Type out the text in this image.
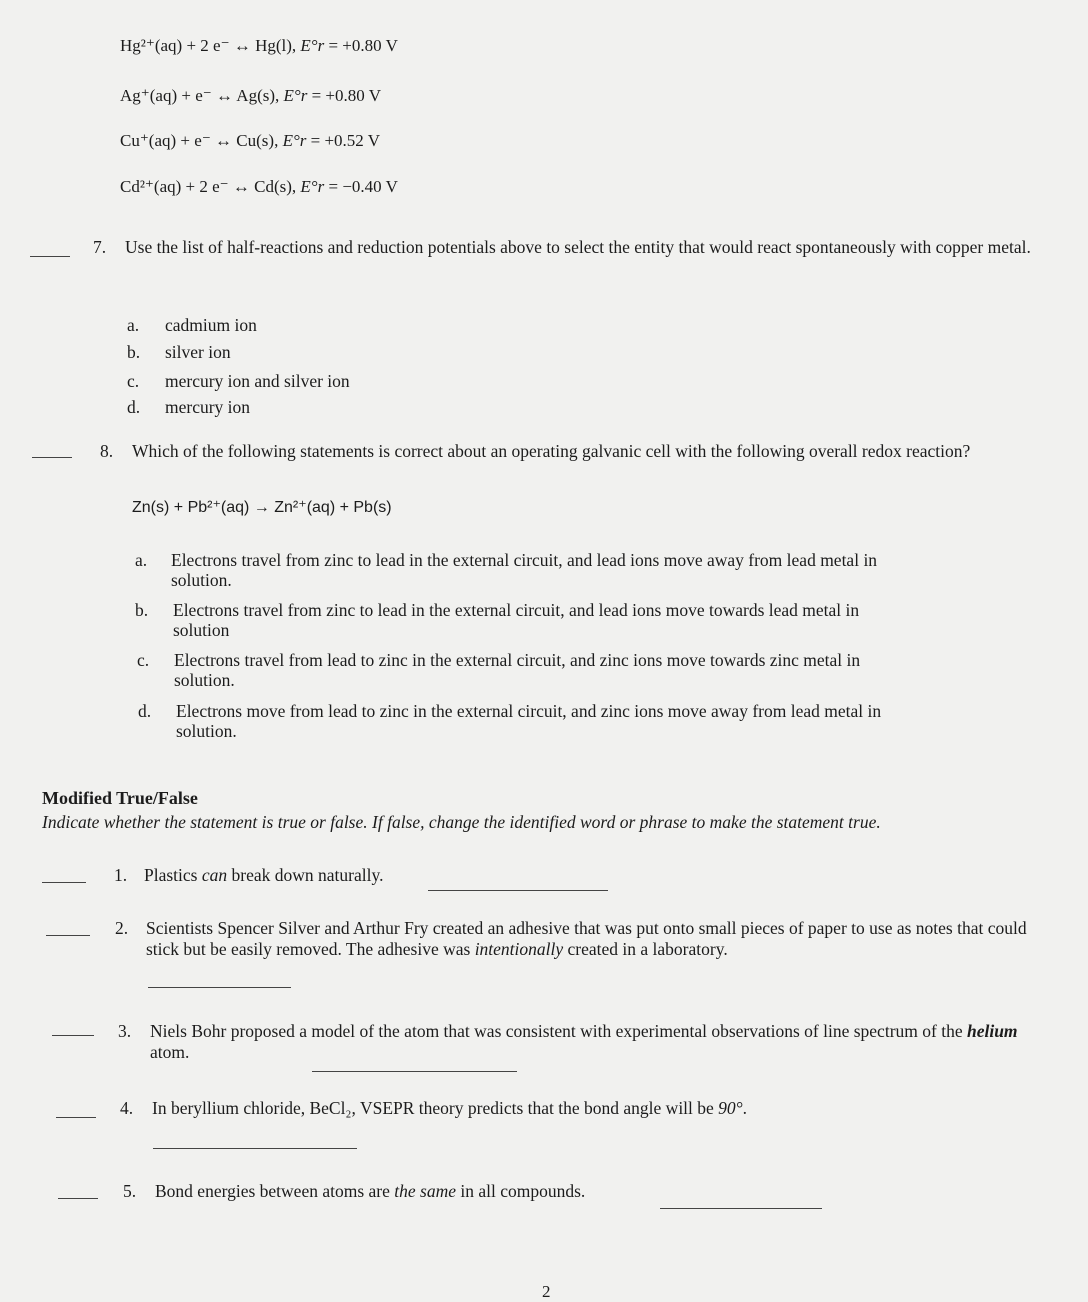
Hg²⁺(aq) + 2 e⁻ ↔ Hg(l), E°r = +0.80 V
Ag⁺(aq) + e⁻ ↔ Ag(s), E°r = +0.80 V
Cu⁺(aq) + e⁻ ↔ Cu(s), E°r = +0.52 V
Cd²⁺(aq) + 2 e⁻ ↔ Cd(s), E°r = −0.40 V
7. Use the list of half-reactions and reduction potentials above to select the entity that would react spontaneously with copper metal.
a. cadmium ion
b. silver ion
c. mercury ion and silver ion
d. mercury ion
8. Which of the following statements is correct about an operating galvanic cell with the following overall redox reaction?
Zn(s) + Pb²⁺(aq) → Zn²⁺(aq) + Pb(s)
a.	Electrons travel from zinc to lead in the external circuit, and lead ions move away from lead metal in solution.
b.	Electrons travel from zinc to lead in the external circuit, and lead ions move towards lead metal in solution
c.	Electrons travel from lead to zinc in the external circuit, and zinc ions move towards zinc metal in solution.
d.	Electrons move from lead to zinc in the external circuit, and zinc ions move away from lead metal in solution.
Modified True/False
Indicate whether the statement is true or false. If false, change the identified word or phrase to make the statement true.
1. Plastics can break down naturally.
2. Scientists Spencer Silver and Arthur Fry created an adhesive that was put onto small pieces of paper to use as notes that could stick but be easily removed. The adhesive was intentionally created in a laboratory.
3. Niels Bohr proposed a model of the atom that was consistent with experimental observations of line spectrum of the helium atom.
4. In beryllium chloride, BeCl₂, VSEPR theory predicts that the bond angle will be 90°.
5. Bond energies between atoms are the same in all compounds.
2
